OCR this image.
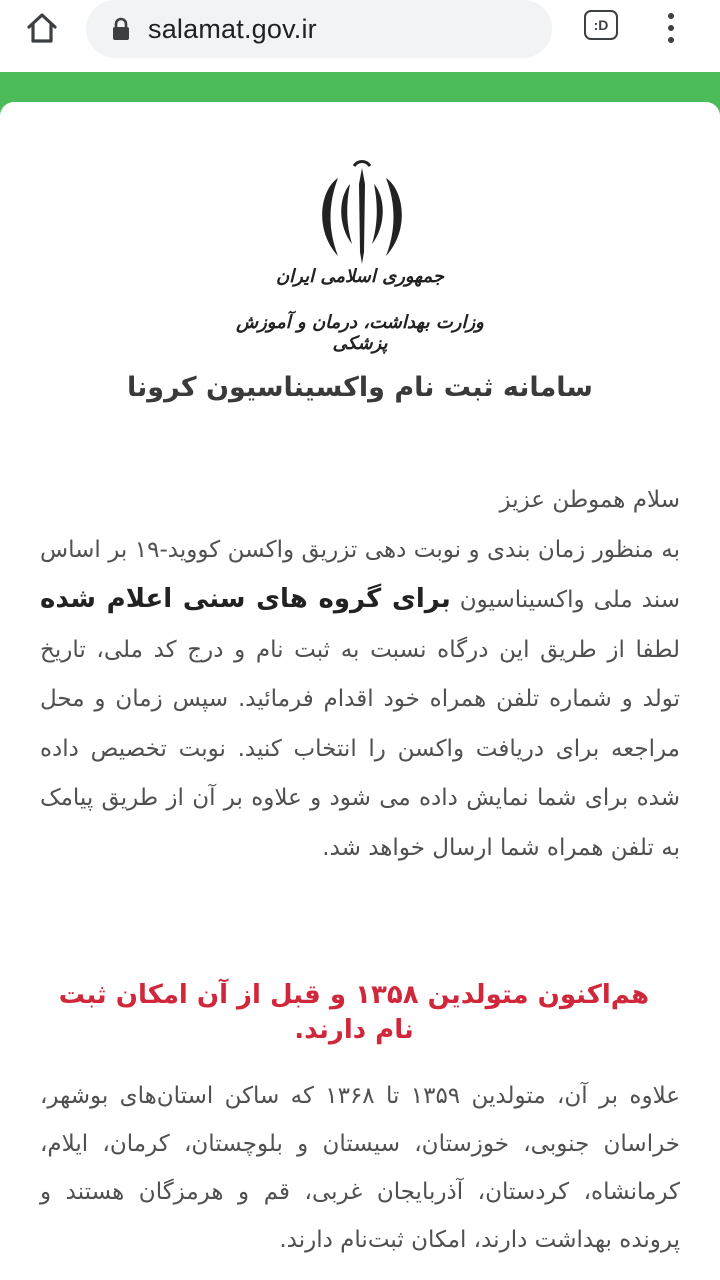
salamat.gov.ir	:D
جمهوری اسلامی ایران
وزارت بهداشت، درمان و آموزش پزشکی
سامانه ثبت نام واکسیناسیون کرونا
سلام هموطن عزیز
به منظور زمان بندی و نوبت دهی تزریق واکسن کووید-۱۹ بر اساس سند ملی واکسیناسیون برای گروه های سنی اعلام شده لطفا از طریق این درگاه نسبت به ثبت نام و درج کد ملی، تاریخ تولد و شماره تلفن همراه خود اقدام فرمائید. سپس زمان و محل مراجعه برای دریافت واکسن را انتخاب کنید. نوبت تخصیص داده شده برای شما نمایش داده می شود و علاوه بر آن از طریق پیامک به تلفن همراه شما ارسال خواهد شد.
هم‌اکنون متولدین ۱۳۵۸ و قبل از آن امکان ثبت نام دارند.
علاوه بر آن، متولدین ۱۳۵۹ تا ۱۳۶۸ که ساکن استان‌های بوشهر، خراسان جنوبی، خوزستان، سیستان و بلوچستان، کرمان، ایلام، کرمانشاه، کردستان، آذربایجان غربی، قم و هرمزگان هستند و پرونده بهداشت دارند، امکان ثبت‌نام دارند.
